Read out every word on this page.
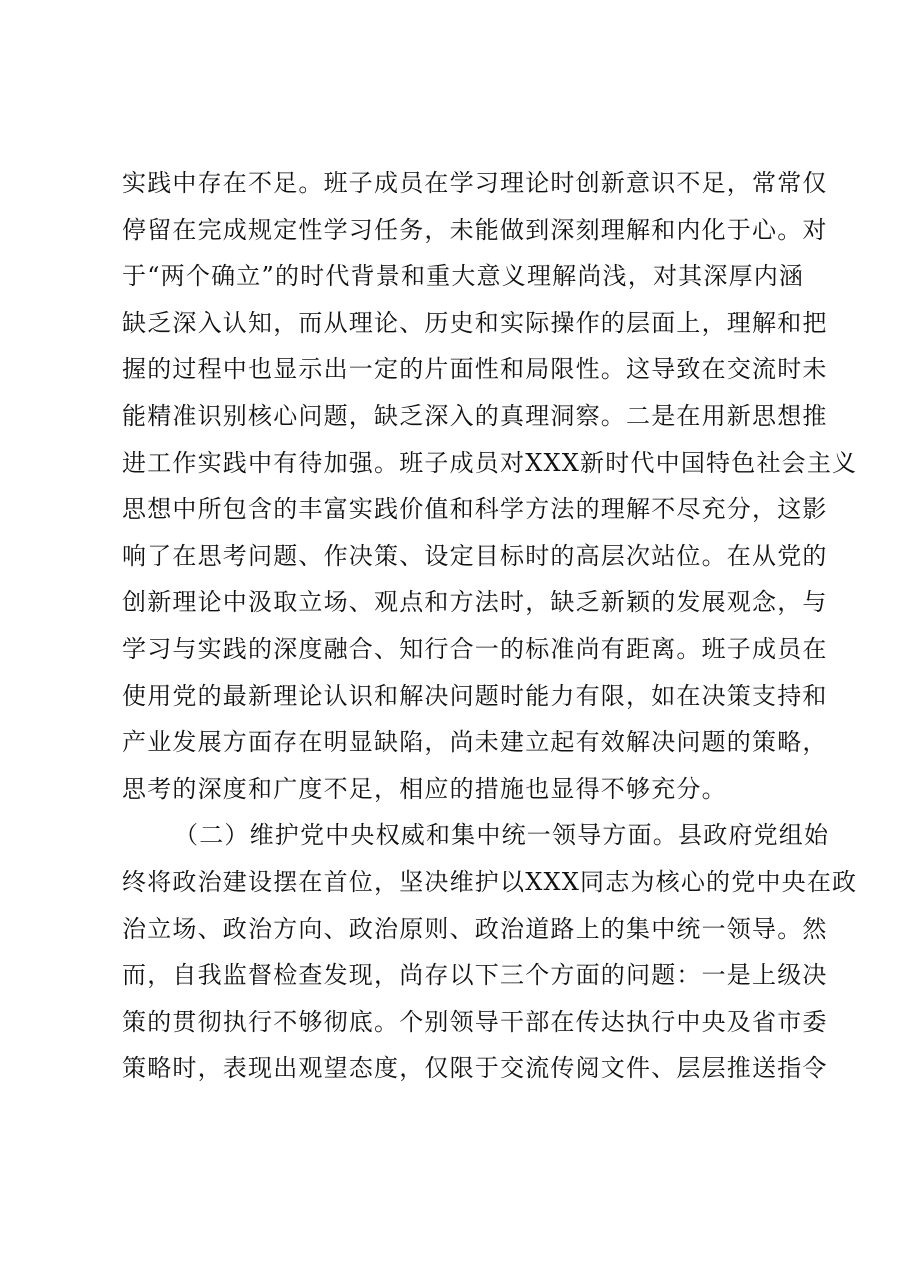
实践中存在不足。班子成员在学习理论时创新意识不足，常常仅
停留在完成规定性学习任务，未能做到深刻理解和内化于心。对
于“两个确立”的时代背景和重大意义理解尚浅，对其深厚内涵
缺乏深入认知，而从理论、历史和实际操作的层面上，理解和把
握的过程中也显示出一定的片面性和局限性。这导致在交流时未
能精准识别核心问题，缺乏深入的真理洞察。二是在用新思想推
进工作实践中有待加强。班子成员对XXX新时代中国特色社会主义
思想中所包含的丰富实践价值和科学方法的理解不尽充分，这影
响了在思考问题、作决策、设定目标时的高层次站位。在从党的
创新理论中汲取立场、观点和方法时，缺乏新颖的发展观念，与
学习与实践的深度融合、知行合一的标准尚有距离。班子成员在
使用党的最新理论认识和解决问题时能力有限，如在决策支持和
产业发展方面存在明显缺陷，尚未建立起有效解决问题的策略，
思考的深度和广度不足，相应的措施也显得不够充分。
（二）维护党中央权威和集中统一领导方面。县政府党组始
终将政治建设摆在首位，坚决维护以XXX同志为核心的党中央在政
治立场、政治方向、政治原则、政治道路上的集中统一领导。然
而，自我监督检查发现，尚存以下三个方面的问题：一是上级决
策的贯彻执行不够彻底。个别领导干部在传达执行中央及省市委
策略时，表现出观望态度，仅限于交流传阅文件、层层推送指令
